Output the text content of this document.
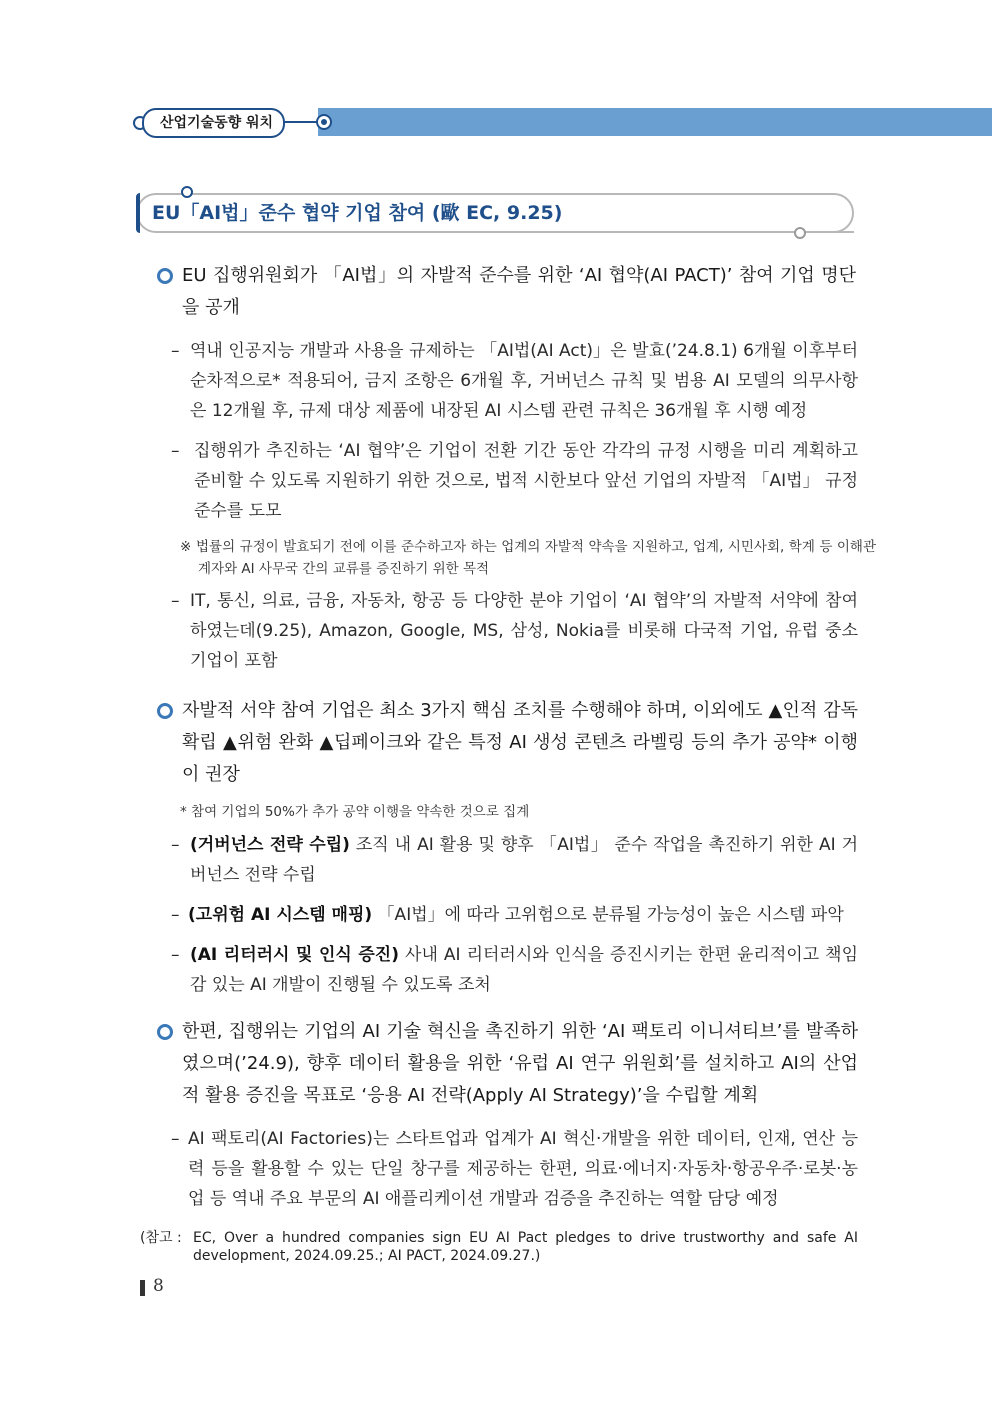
산업기술동향 워치
EU「AI법」준수 협약 기업 참여 (歐 EC, 9.25)
EU 집행위원회가 「AI법」의 자발적 준수를 위한 ‘AI 협약(AI PACT)’ 참여 기업 명단을 공개
– 역내 인공지능 개발과 사용을 규제하는 「AI법(AI Act)」은 발효(’24.8.1) 6개월 이후부터 순차적으로* 적용되어, 금지 조항은 6개월 후, 거버넌스 규칙 및 범용 AI 모델의 의무사항은 12개월 후, 규제 대상 제품에 내장된 AI 시스템 관련 규칙은 36개월 후 시행 예정
– 집행위가 추진하는 ‘AI 협약’은 기업이 전환 기간 동안 각각의 규정 시행을 미리 계획하고 준비할 수 있도록 지원하기 위한 것으로, 법적 시한보다 앞선 기업의 자발적 「AI법」 규정 준수를 도모
※ 법률의 규정이 발효되기 전에 이를 준수하고자 하는 업계의 자발적 약속을 지원하고, 업계, 시민사회, 학계 등 이해관계자와 AI 사무국 간의 교류를 증진하기 위한 목적
– IT, 통신, 의료, 금융, 자동차, 항공 등 다양한 분야 기업이 ‘AI 협약’의 자발적 서약에 참여하였는데(9.25), Amazon, Google, MS, 삼성, Nokia를 비롯해 다국적 기업, 유럽 중소기업이 포함
자발적 서약 참여 기업은 최소 3가지 핵심 조치를 수행해야 하며, 이외에도 ▲인적 감독 확립 ▲위험 완화 ▲딥페이크와 같은 특정 AI 생성 콘텐츠 라벨링 등의 추가 공약* 이행이 권장
* 참여 기업의 50%가 추가 공약 이행을 약속한 것으로 집계
– (거버넌스 전략 수립) 조직 내 AI 활용 및 향후 「AI법」 준수 작업을 촉진하기 위한 AI 거버넌스 전략 수립
– (고위험 AI 시스템 매핑) 「AI법」에 따라 고위험으로 분류될 가능성이 높은 시스템 파악
– (AI 리터러시 및 인식 증진) 사내 AI 리터러시와 인식을 증진시키는 한편 윤리적이고 책임감 있는 AI 개발이 진행될 수 있도록 조처
한편, 집행위는 기업의 AI 기술 혁신을 촉진하기 위한 ‘AI 팩토리 이니셔티브’를 발족하였으며(’24.9), 향후 데이터 활용을 위한 ‘유럽 AI 연구 위원회’를 설치하고 AI의 산업적 활용 증진을 목표로 ‘응용 AI 전략(Apply AI Strategy)’을 수립할 계획
– AI 팩토리(AI Factories)는 스타트업과 업계가 AI 혁신·개발을 위한 데이터, 인재, 연산 능력 등을 활용할 수 있는 단일 창구를 제공하는 한편, 의료·에너지·자동차·항공우주·로봇·농업 등 역내 주요 부문의 AI 애플리케이션 개발과 검증을 추진하는 역할 담당 예정
(참고 : EC, Over a hundred companies sign EU AI Pact pledges to drive trustworthy and safe AI development, 2024.09.25.; AI PACT, 2024.09.27.)
8
